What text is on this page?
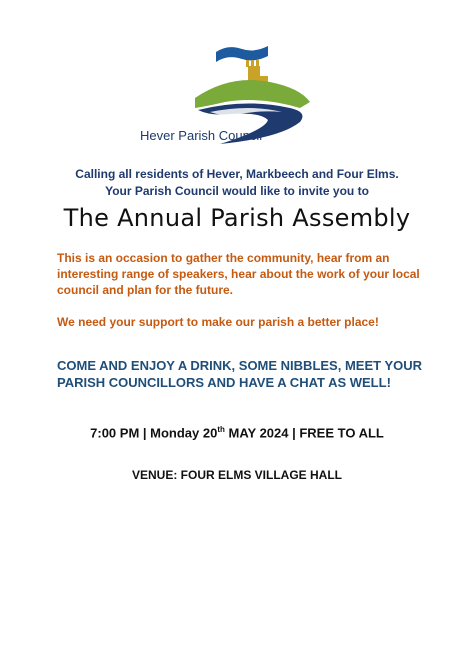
Hever Parish Council
Calling all residents of Hever, Markbeech and Four Elms.
Your Parish Council would like to invite you to
The Annual Parish Assembly
This is an occasion to gather the community, hear from an interesting range of speakers, hear about the work of your local council and plan for the future.
We need your support to make our parish a better place!
COME AND ENJOY A DRINK, SOME NIBBLES, MEET YOUR PARISH COUNCILLORS AND HAVE A CHAT AS WELL!
7:00 PM | Monday 20th MAY 2024 | FREE TO ALL
VENUE: FOUR ELMS VILLAGE HALL
